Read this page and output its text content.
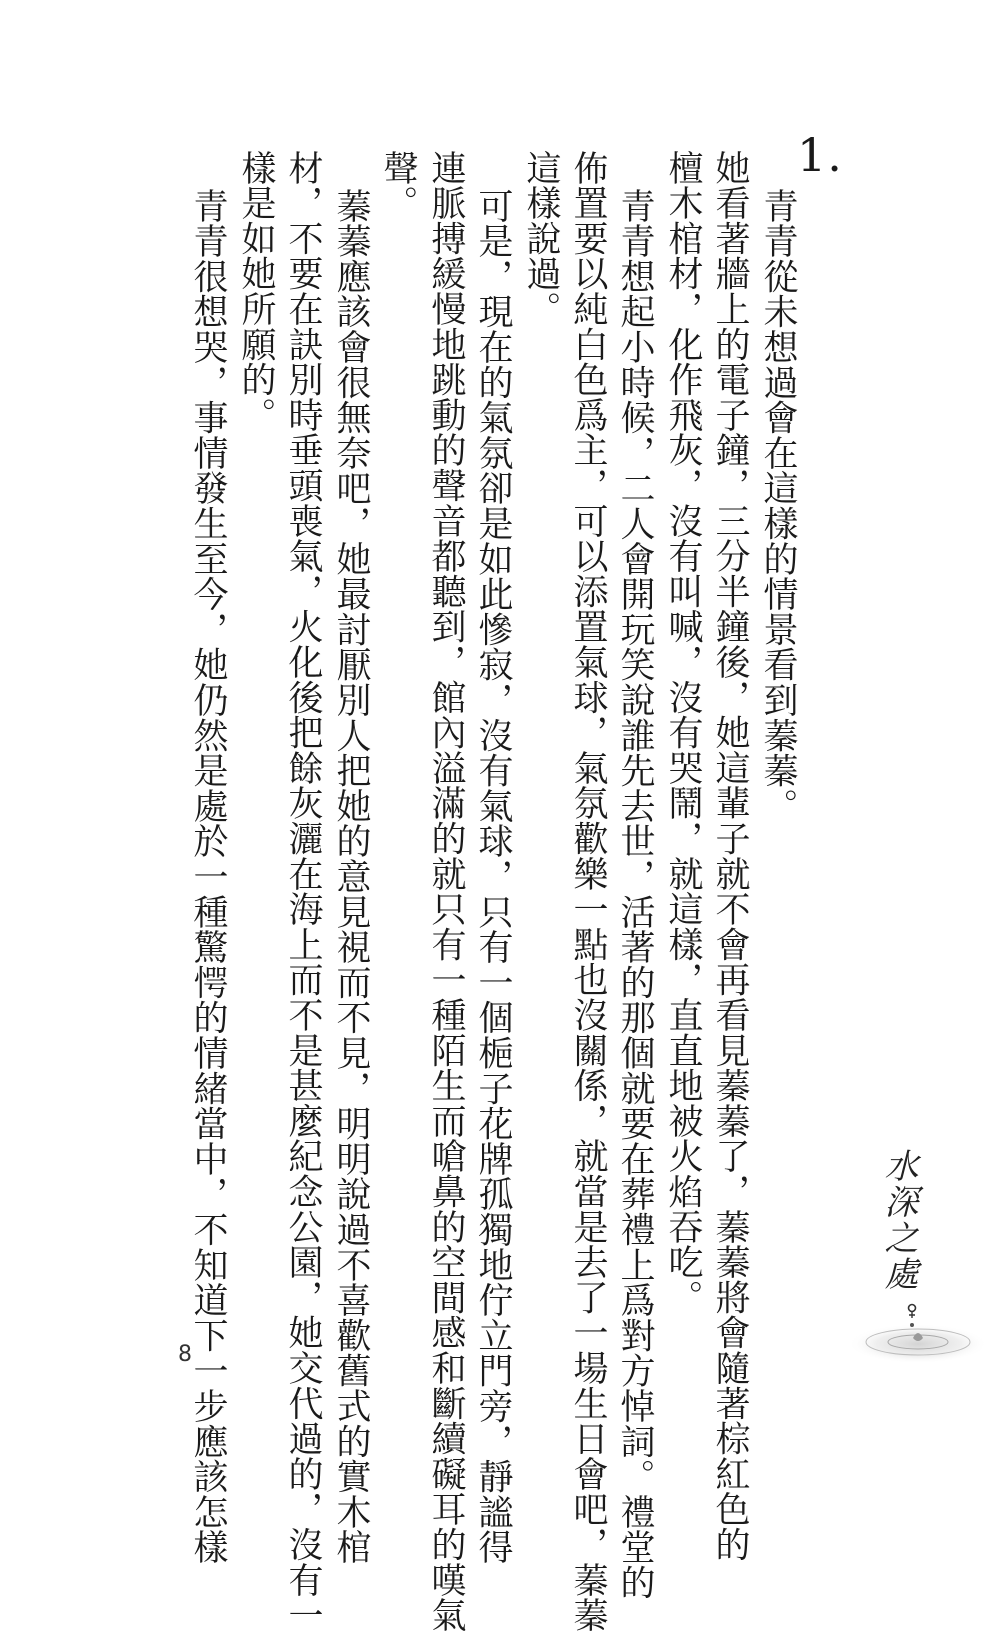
1.
青青從未想過會在這樣的情景看到蓁蓁。
她看著牆上的電子鐘，三分半鐘後，她這輩子就不會再看見蓁蓁了，蓁蓁將會隨著棕紅色的
檀木棺材，化作飛灰，沒有叫喊，沒有哭鬧，就這樣，直直地被火焰吞吃。
青青想起小時候，二人會開玩笑說誰先去世，活著的那個就要在葬禮上爲對方悼詞。禮堂的
佈置要以純白色爲主，可以添置氣球，氣氛歡樂一點也沒關係，就當是去了一場生日會吧，蓁蓁
這樣說過。
可是，現在的氣氛卻是如此慘寂，沒有氣球，只有一個梔子花牌孤獨地佇立門旁，靜謐得
連脈搏緩慢地跳動的聲音都聽到，館內溢滿的就只有一種陌生而嗆鼻的空間感和斷續礙耳的嘆氣
聲。
蓁蓁應該會很無奈吧，她最討厭別人把她的意見視而不見，明明說過不喜歡舊式的實木棺
材，不要在訣別時垂頭喪氣，火化後把餘灰灑在海上而不是甚麼紀念公園，她交代過的，沒有一
樣是如她所願的。
青青很想哭，事情發生至今，她仍然是處於一種驚愕的情緒當中，不知道下一步應該怎樣
8
水深之處
